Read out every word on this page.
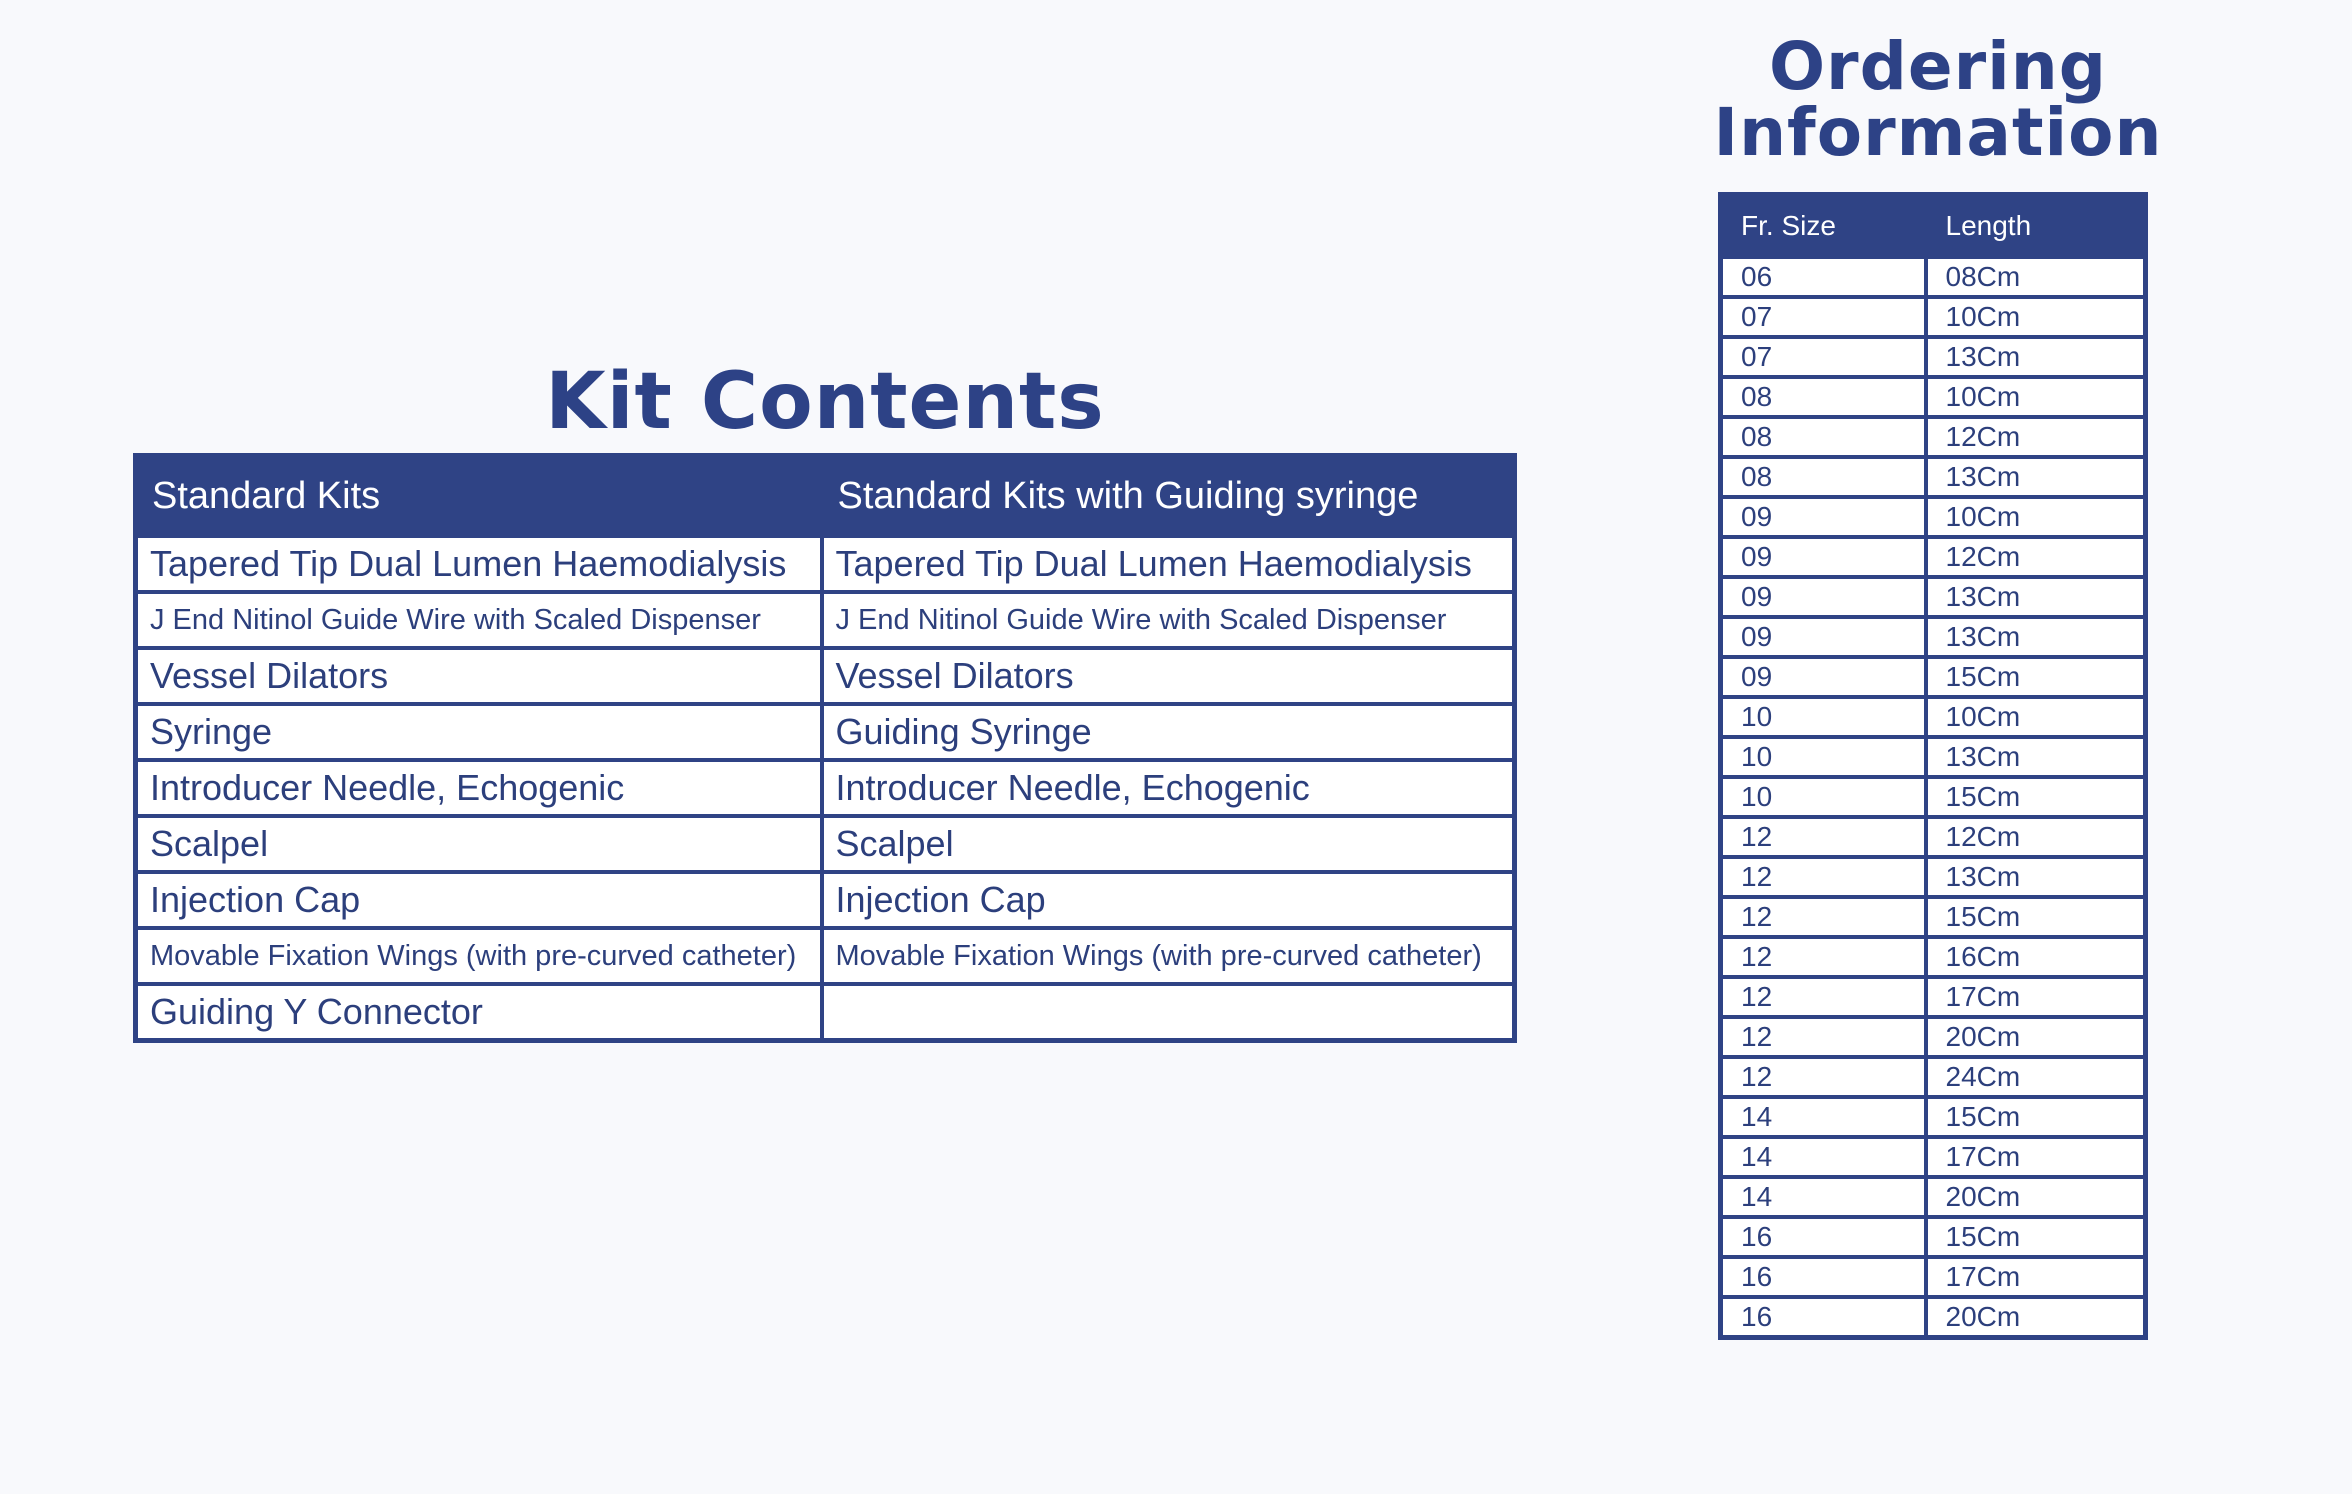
Kit Contents
Standard Kits	Standard Kits with Guiding syringe
Tapered Tip Dual Lumen Haemodialysis	Tapered Tip Dual Lumen Haemodialysis
J End Nitinol Guide Wire with Scaled Dispenser	J End Nitinol Guide Wire with Scaled Dispenser
Vessel Dilators	Vessel Dilators
Syringe	Guiding Syringe
Introducer Needle, Echogenic	Introducer Needle, Echogenic
Scalpel	Scalpel
Injection Cap	Injection Cap
Movable Fixation Wings (with pre-curved catheter)	Movable Fixation Wings (with pre-curved catheter)
Guiding Y Connector	
Ordering
Information
Fr. Size	Length
06	08Cm
07	10Cm
07	13Cm
08	10Cm
08	12Cm
08	13Cm
09	10Cm
09	12Cm
09	13Cm
09	13Cm
09	15Cm
10	10Cm
10	13Cm
10	15Cm
12	12Cm
12	13Cm
12	15Cm
12	16Cm
12	17Cm
12	20Cm
12	24Cm
14	15Cm
14	17Cm
14	20Cm
16	15Cm
16	17Cm
16	20Cm
